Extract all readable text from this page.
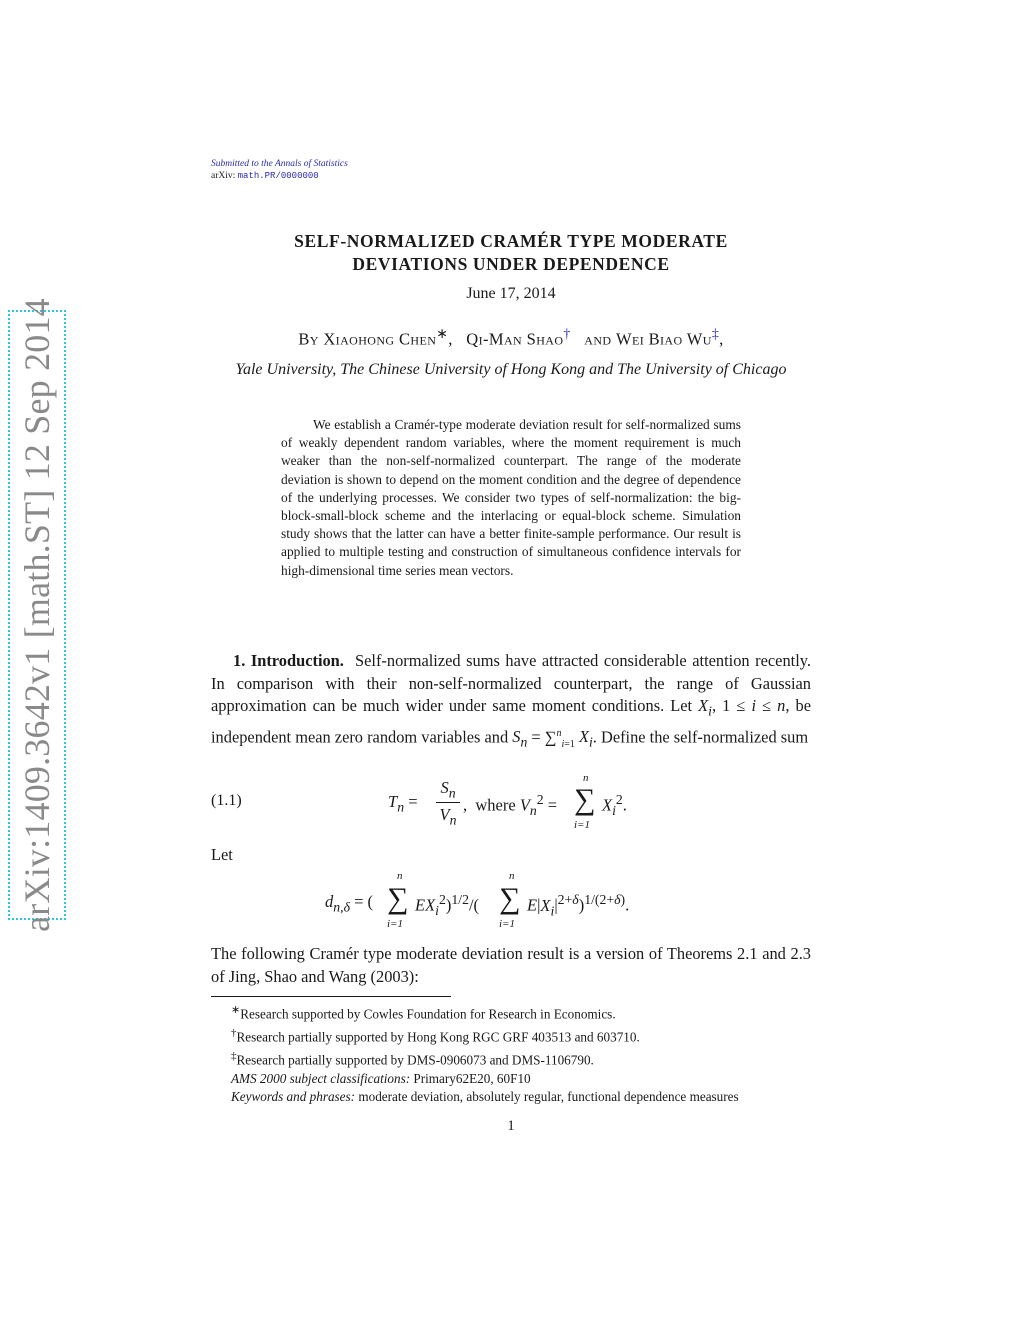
arXiv:1409.3642v1 [math.ST] 12 Sep 2014
Submitted to the Annals of Statistics
arXiv: math.PR/0000000
SELF-NORMALIZED CRAMÉR TYPE MODERATE
DEVIATIONS UNDER DEPENDENCE
June 17, 2014
By Xiaohong Chen∗,   Qi-Man Shao† and Wei Biao Wu‡,
Yale University, The Chinese University of Hong Kong and The University of Chicago
We establish a Cramér-type moderate deviation result for self-normalized sums of weakly dependent random variables, where the moment requirement is much weaker than the non-self-normalized counterpart. The range of the moderate deviation is shown to depend on the moment condition and the degree of dependence of the underlying processes. We consider two types of self-normalization: the big-block-small-block scheme and the interlacing or equal-block scheme. Simulation study shows that the latter can have a better finite-sample performance. Our result is applied to multiple testing and construction of simultaneous confidence intervals for high-dimensional time series mean vectors.
1. Introduction. Self-normalized sums have attracted considerable attention recently. In comparison with their non-self-normalized counterpart, the range of Gaussian approximation can be much wider under same moment conditions. Let $X_i$, 1 ≤ i ≤ n, be independent mean zero random variables and $S_n = \sum^n_{i=1}$ $X_i$. Define the self-normalized sum
(1.1)	$T_n$ =
$S_n$
$V_n$
,  where $V_n^2$ =
n
∑
i=1
$X_i^2$.
Let
$d_{n,\delta}$ = (
n
∑
i=1
$EX_i^2)^{1/2}/$(
n
∑
i=1
$E|X_i|^{2+\delta})^{1/(2+\delta)}$.
The following Cramér type moderate deviation result is a version of Theorems 2.1 and 2.3 of Jing, Shao and Wang (2003):
∗Research supported by Cowles Foundation for Research in Economics.
†Research partially supported by Hong Kong RGC GRF 403513 and 603710.
‡Research partially supported by DMS-0906073 and DMS-1106790.
AMS 2000 subject classifications: Primary62E20, 60F10
Keywords and phrases: moderate deviation, absolutely regular, functional dependence measures
1
